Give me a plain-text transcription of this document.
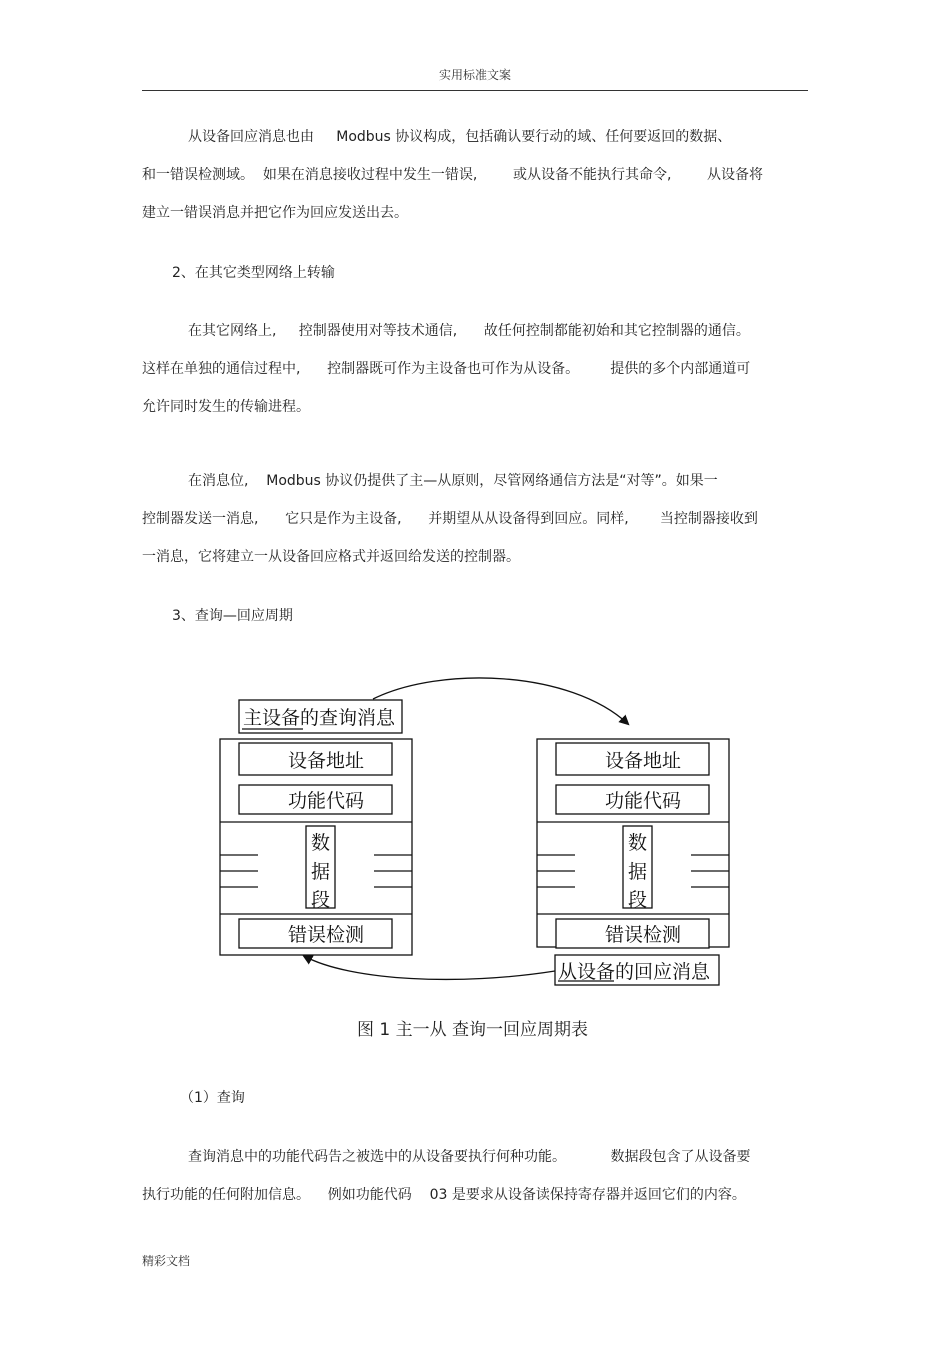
实用标准文案
从设备回应消息也由     Modbus 协议构成，包括确认要行动的域、任何要返回的数据、
和一错误检测域。  如果在消息接收过程中发生一错误,        或从设备不能执行其命令,        从设备将
建立一错误消息并把它作为回应发送出去。
2、在其它类型网络上转输
在其它网络上,     控制器使用对等技术通信,      故任何控制都能初始和其它控制器的通信。
这样在单独的通信过程中,      控制器既可作为主设备也可作为从设备。       提供的多个内部通道可
允许同时发生的传输进程。
在消息位,    Modbus 协议仍提供了主—从原则，尽管网络通信方法是“对等”。如果一
控制器发送一消息,      它只是作为主设备,      并期望从从设备得到回应。同样,       当控制器接收到
一消息，它将建立一从设备回应格式并返回给发送的控制器。
3、查询—回应周期
主设备的查询消息
设备地址
功能代码
数
据
段
错误检测
设备地址
功能代码
数
据
段
错误检测
从设备的回应消息
图 1 主一从 查询一回应周期表
（1）查询
查询消息中的功能代码告之被选中的从设备要执行何种功能。          数据段包含了从设备要
执行功能的任何附加信息。    例如功能代码    03 是要求从设备读保持寄存器并返回它们的内容。
精彩文档
